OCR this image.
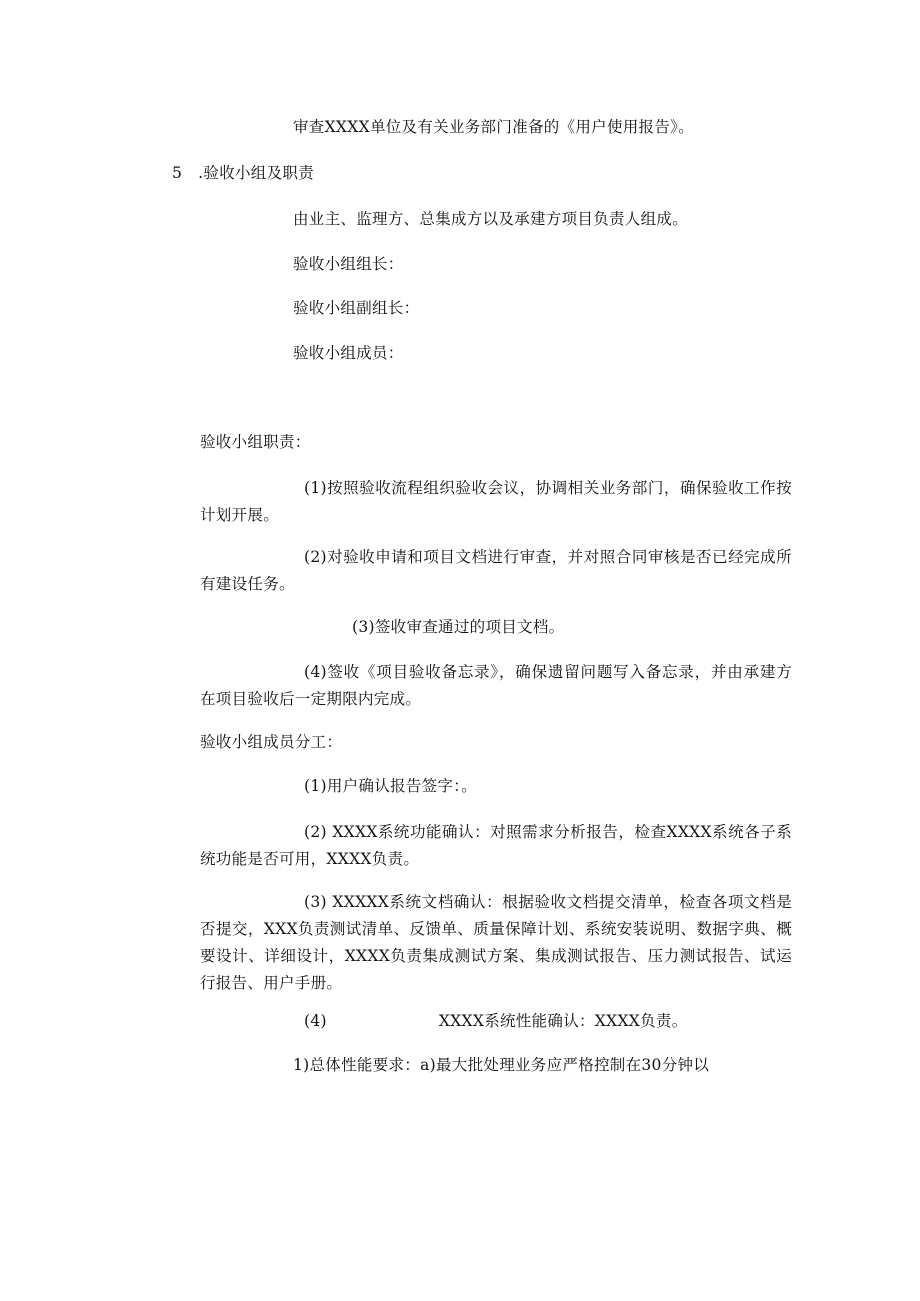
审查XXXX单位及有关业务部门准备的《用户使用报告》。
5 .验收小组及职责
由业主、监理方、总集成方以及承建方项目负责人组成。
验收小组组长：
验收小组副组长：
验收小组成员：
验收小组职责：
(1)按照验收流程组织验收会议，协调相关业务部门，确保验收工作按计划开展。
(2)对验收申请和项目文档进行审查，并对照合同审核是否已经完成所有建设任务。
(3)签收审查通过的项目文档。
(4)签收《项目验收备忘录》，确保遗留问题写入备忘录，并由承建方在项目验收后一定期限内完成。
验收小组成员分工：
(1)用户确认报告签字：。
(2) XXXX系统功能确认：对照需求分析报告，检查XXXX系统各子系统功能是否可用，XXXX负责。
(3) XXXXX系统文档确认：根据验收文档提交清单，检查各项文档是否提交，XXX负责测试清单、反馈单、质量保障计划、系统安装说明、数据字典、概要设计、详细设计，XXXX负责集成测试方案、集成测试报告、压力测试报告、试运行报告、用户手册。
(4)	XXXX系统性能确认：XXXX负责。
1)总体性能要求：a)最大批处理业务应严格控制在30分钟以
